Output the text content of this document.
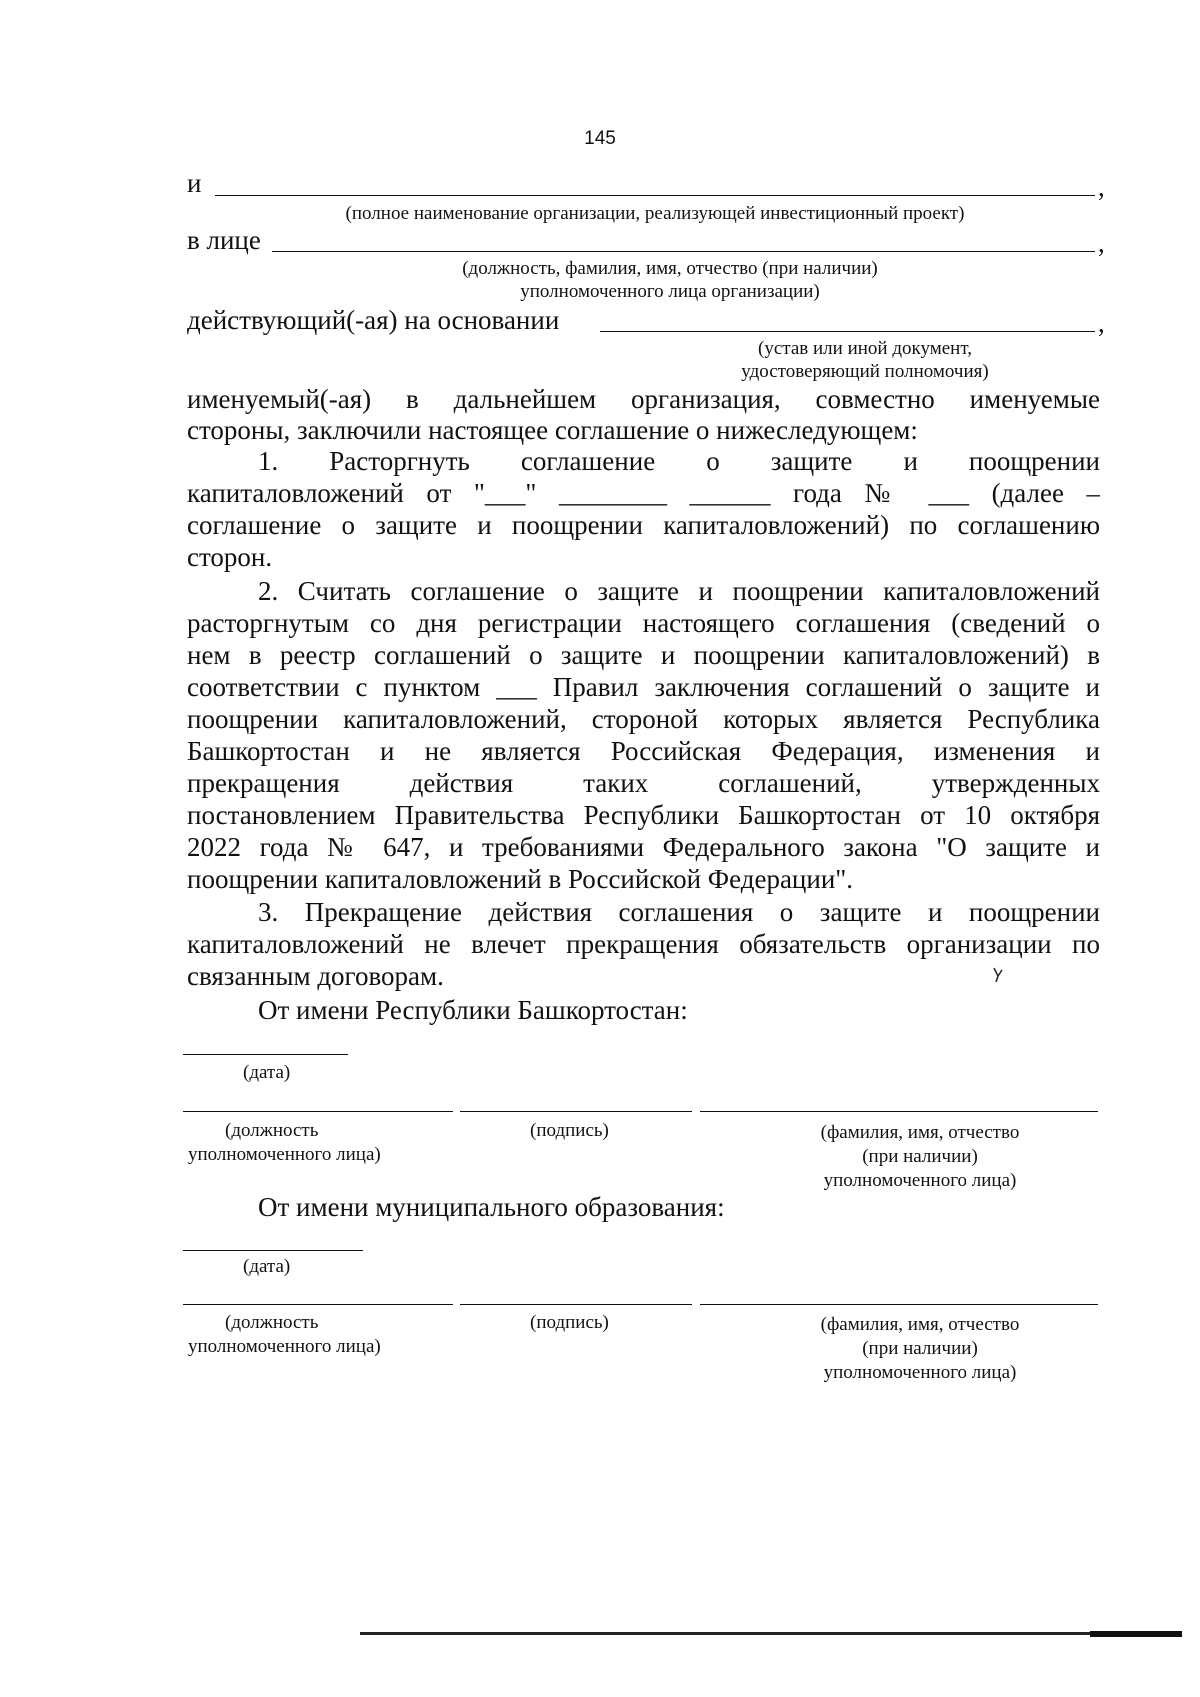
145
и	,
(полное наименование организации, реализующей инвестиционный проект)
в лице	,
(должность, фамилия, имя, отчество (при наличии)
уполномоченного лица организации)
действующий(-ая) на основании	,
(устав или иной документ,
удостоверяющий полномочия)
именуемый(-ая) в дальнейшем организация, совместно именуемые
стороны, заключили настоящее соглашение о нижеследующем:
1. Расторгнуть соглашение о защите и поощрении
капиталовложений от "___" ________ ______ года № ___ (далее –
соглашение о защите и поощрении капиталовложений) по соглашению
сторон.
2. Считать соглашение о защите и поощрении капиталовложений
расторгнутым со дня регистрации настоящего соглашения (сведений о
нем в реестр соглашений о защите и поощрении капиталовложений) в
соответствии с пунктом ___ Правил заключения соглашений о защите и
поощрении капиталовложений, стороной которых является Республика
Башкортостан и не является Российская Федерация, изменения и
прекращения действия таких соглашений, утвержденных
постановлением Правительства Республики Башкортостан от 10 октября
2022 года № 647, и требованиями Федерального закона "О защите и
поощрении капиталовложений в Российской Федерации".
3. Прекращение действия соглашения о защите и поощрении
капиталовложений не влечет прекращения обязательств организации по
связанным договорам.
От имени Республики Башкортостан:
(дата)
(должность
уполномоченного лица)
(подпись)	(фамилия, имя, отчество
(при наличии)
уполномоченного лица)
От имени муниципального образования:
(дата)
(должность
уполномоченного лица)
(подпись)	(фамилия, имя, отчество
(при наличии)
уполномоченного лица)
